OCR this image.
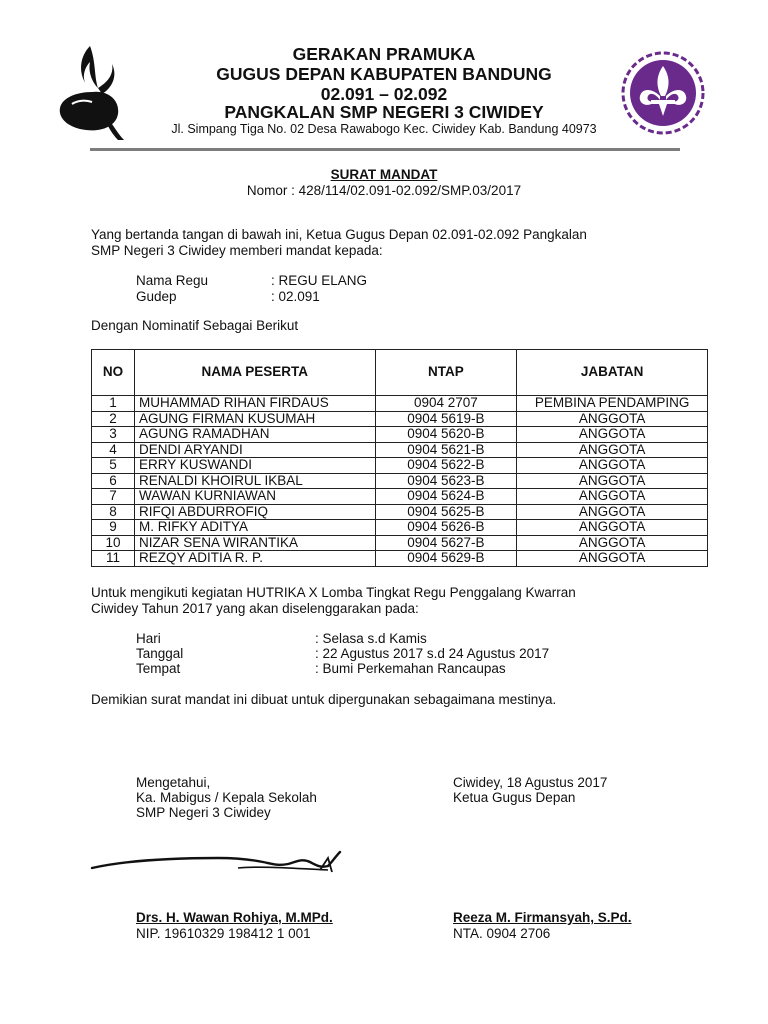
GERAKAN PRAMUKA
GUGUS DEPAN KABUPATEN BANDUNG
02.091 – 02.092
PANGKALAN SMP NEGERI 3 CIWIDEY
Jl. Simpang Tiga No. 02 Desa Rawabogo Kec. Ciwidey Kab. Bandung 40973
SURAT MANDAT
Nomor : 428/114/02.091-02.092/SMP.03/2017
Yang bertanda tangan di bawah ini, Ketua Gugus Depan 02.091-02.092 Pangkalan
SMP Negeri 3 Ciwidey memberi mandat kepada:
Nama Regu	: REGU ELANG
Gudep	: 02.091
Dengan Nominatif Sebagai Berikut
NO	NAMA PESERTA	NTAP	JABATAN
1	MUHAMMAD RIHAN FIRDAUS	0904 2707	PEMBINA PENDAMPING
2	AGUNG FIRMAN KUSUMAH	0904 5619-B	ANGGOTA
3	AGUNG RAMADHAN	0904 5620-B	ANGGOTA
4	DENDI ARYANDI	0904 5621-B	ANGGOTA
5	ERRY KUSWANDI	0904 5622-B	ANGGOTA
6	RENALDI KHOIRUL IKBAL	0904 5623-B	ANGGOTA
7	WAWAN KURNIAWAN	0904 5624-B	ANGGOTA
8	RIFQI ABDURROFIQ	0904 5625-B	ANGGOTA
9	M. RIFKY ADITYA	0904 5626-B	ANGGOTA
10	NIZAR SENA WIRANTIKA	0904 5627-B	ANGGOTA
11	REZQY ADITIA R. P.	0904 5629-B	ANGGOTA
Untuk mengikuti kegiatan HUTRIKA X Lomba Tingkat Regu Penggalang Kwarran
Ciwidey Tahun 2017 yang akan diselenggarakan pada:
Hari	: Selasa s.d Kamis
Tanggal	: 22 Agustus 2017 s.d 24 Agustus 2017
Tempat	: Bumi Perkemahan Rancaupas
Demikian surat mandat ini dibuat untuk dipergunakan sebagaimana mestinya.
Mengetahui,
Ka. Mabigus / Kepala Sekolah
SMP Negeri 3 Ciwidey
Ciwidey, 18 Agustus 2017
Ketua Gugus Depan
Drs. H. Wawan Rohiya, M.MPd.
NIP. 19610329 198412 1 001
Reeza M. Firmansyah, S.Pd.
NTA. 0904 2706
